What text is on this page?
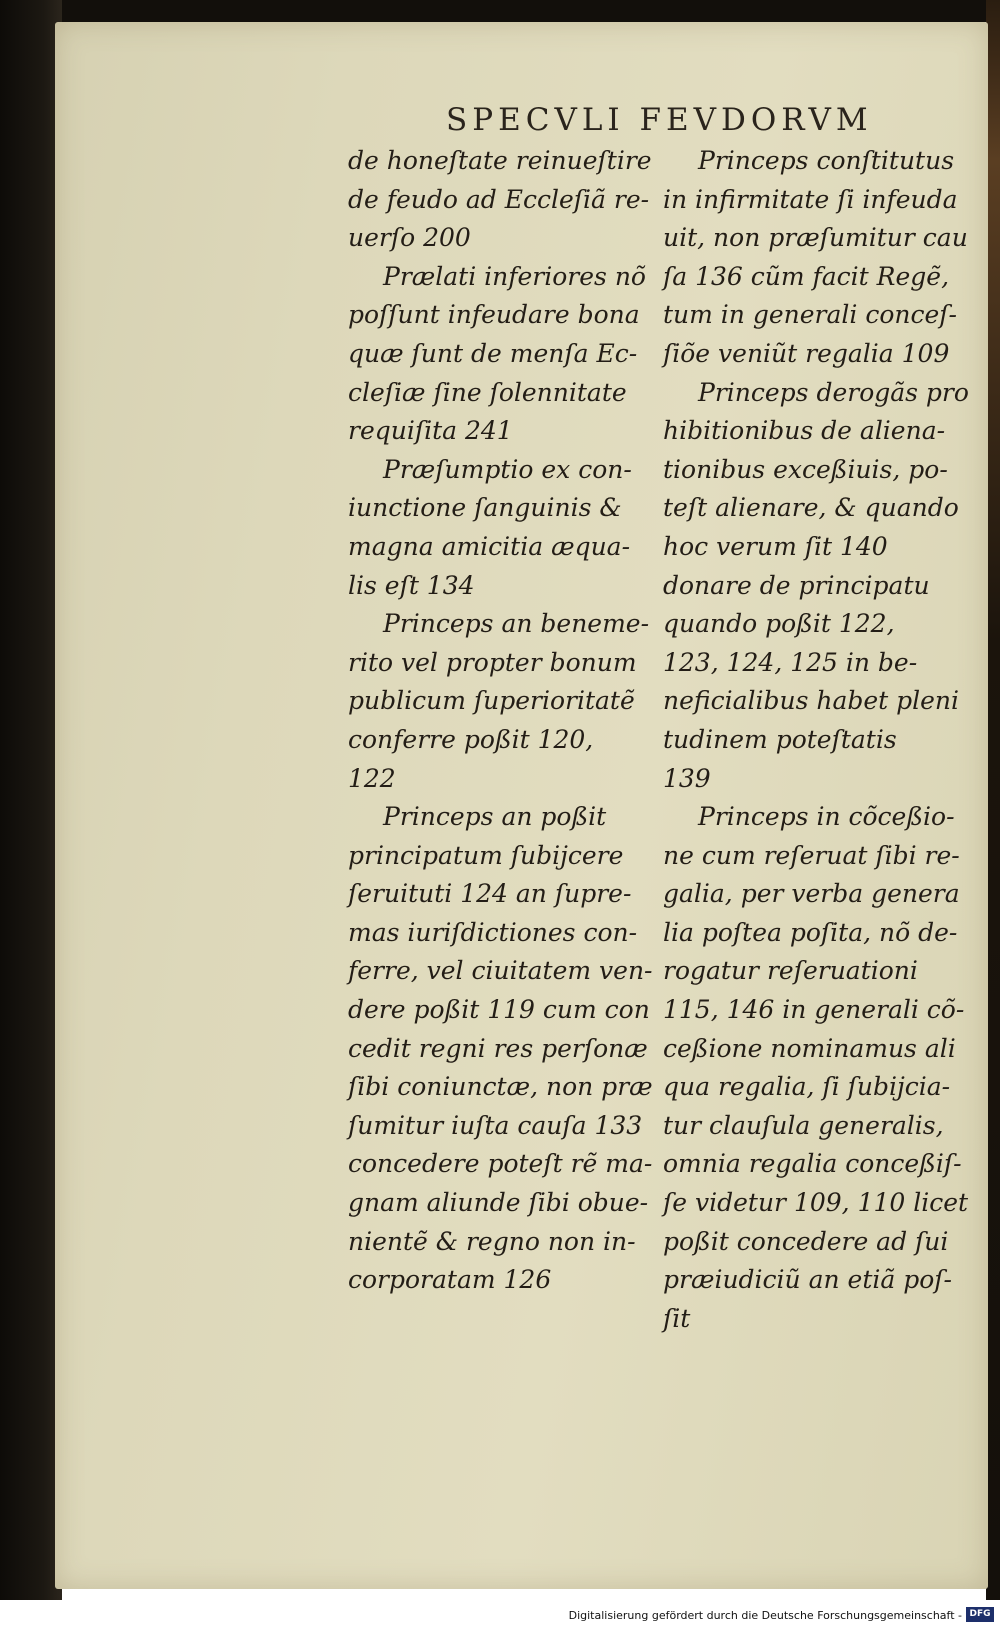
SPECVLI FEVDORVM
de honeſtate reinueſtire
de feudo ad Eccleſiã re-
uerſo 200
Prælati inferiores nõ
poſſunt infeudare bona
quæ ſunt de menſa Ec-
cleſiæ ſine ſolennitate
requiſita 241
Præſumptio ex con-
iunctione ſanguinis &
magna amicitia æqua-
lis eſt 134
Princeps an beneme-
rito vel propter bonum
publicum ſuperioritatẽ
conferre poßit 120,
122
Princeps an poßit
principatum ſubijcere
ſeruituti 124 an ſupre-
mas iuriſdictiones con-
ferre, vel ciuitatem ven-
dere poßit 119 cum con
cedit regni res perſonæ
ſibi coniunctæ, non præ
ſumitur iuſta cauſa 133
concedere poteſt rẽ ma-
gnam aliunde ſibi obue-
nientẽ & regno non in-
corporatam 126
Princeps conſtitutus
in infirmitate ſi infeuda
uit, non præſumitur cau
ſa 136 cũm facit Regẽ,
tum in generali conceſ-
ſiõe veniũt regalia 109
Princeps derogãs pro
hibitionibus de aliena-
tionibus exceßiuis, po-
teſt alienare, & quando
hoc verum ſit 140
donare de principatu
quando poßit 122,
123, 124, 125 in be-
neficialibus habet pleni
tudinem poteſtatis
139
Princeps in cõceßio-
ne cum reſeruat ſibi re-
galia, per verba genera
lia poſtea poſita, nõ de-
rogatur reſeruationi
115, 146 in generali cõ-
ceßione nominamus ali
qua regalia, ſi ſubijcia-
tur clauſula generalis,
omnia regalia conceßiſ-
ſe videtur 109, 110 licet
poßit concedere ad ſui
præiudiciũ an etiã poſ-
ſit
Digitalisierung gefördert durch die Deutsche Forschungsgemeinschaft - DFG
